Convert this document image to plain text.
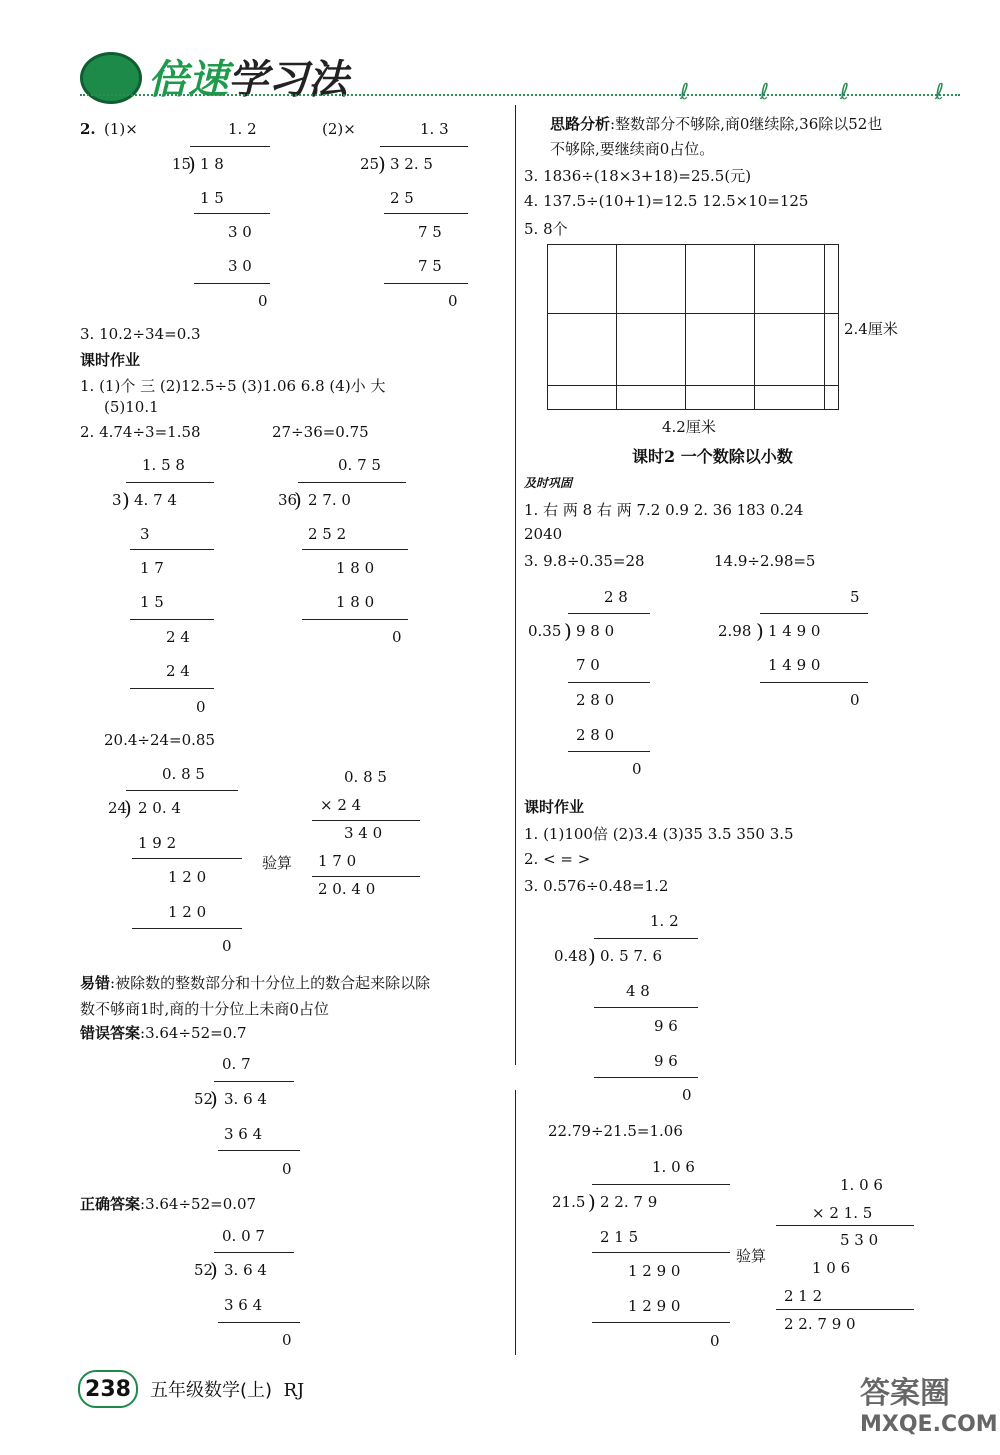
倍速学习法	ℓ	ℓ	ℓ	ℓ
2. (1)×	(2)×
1. 2
15
) 1 8
1 5
3 0
3 0
0
1. 3
25
) 3 2. 5
2 5
7 5
7 5
0
3. 10.2÷34=0.3
课时作业
1. (1)个 三 (2)12.5÷5 (3)1.06 6.8 (4)小 大
(5)10.1
2. 4.74÷3=1.58	27÷36=0.75
1. 5 8
3 ) 4. 7 4
3
1 7
1 5
2 4
2 4
0
0. 7 5
36
) 2 7. 0
2 5 2
1 8 0
1 8 0
0
20.4÷24=0.85
0. 8 5
24
) 2 0. 4
1 9 2
1 2 0
1 2 0
0
验算
0. 8 5
× 2 4
3 4 0
1 7 0
2 0. 4 0
易错:被除数的整数部分和十分位上的数合起来除以除
数不够商1时,商的十分位上未商0占位
错误答案:3.64÷52=0.7
0. 7
52
) 3. 6 4
3 6 4
0
正确答案:3.64÷52=0.07
0. 0 7
52
) 3. 6 4
3 6 4
0
思路分析:整数部分不够除,商0继续除,36除以52也
不够除,要继续商0占位。
3. 1836÷(18×3+18)=25.5(元)
4. 137.5÷(10+1)=12.5 12.5×10=125
5. 8个
2.4厘米
4.2厘米
课时2 一个数除以小数
及时巩固
1. 右 两 8 右 两 7.2 0.9 2. 36 183 0.24
2040
3. 9.8÷0.35=28	14.9÷2.98=5
2 8
0.35 ) 9 8 0
7 0
2 8 0
2 8 0
0
5
2.98 ) 1 4 9 0
1 4 9 0
0
课时作业
1. (1)100倍 (2)3.4 (3)35 3.5 350 3.5
2. < = >
3. 0.576÷0.48=1.2
1. 2
0.48 ) 0. 5 7. 6
4 8
9 6
9 6
0
22.79÷21.5=1.06
1. 0 6
21.5 ) 2 2. 7 9
2 1 5
1 2 9 0
1 2 9 0
0
验算
1. 0 6
× 2 1. 5
5 3 0
1 0 6
2 1 2
2 2. 7 9 0
238	五年级数学(上) RJ	答案圈
MXQE.COM
